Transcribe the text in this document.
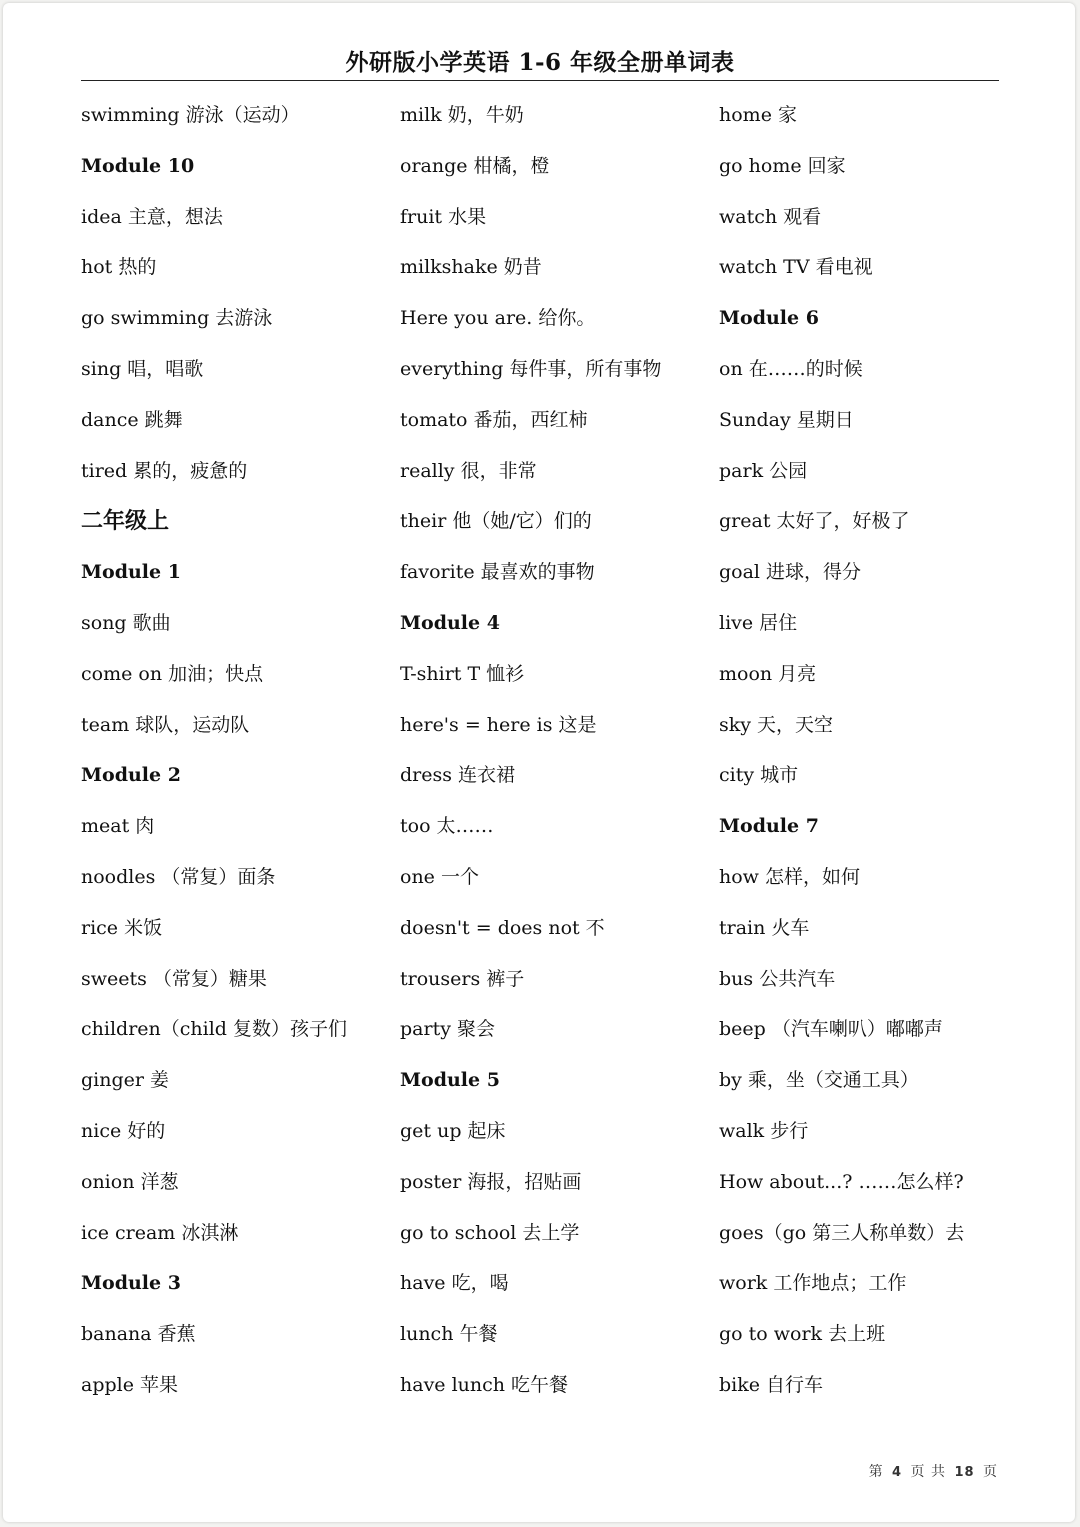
外研版小学英语 1-6 年级全册单词表
swimming 游泳（运动）
Module 10
idea 主意，想法
hot 热的
go swimming 去游泳
sing 唱，唱歌
dance 跳舞
tired 累的，疲惫的
二年级上
Module 1
song 歌曲
come on 加油；快点
team 球队，运动队
Module 2
meat 肉
noodles （常复）面条
rice 米饭
sweets （常复）糖果
children（child 复数）孩子们
ginger 姜
nice 好的
onion 洋葱
ice cream 冰淇淋
Module 3
banana 香蕉
apple 苹果
milk 奶，牛奶
orange 柑橘，橙
fruit 水果
milkshake 奶昔
Here you are. 给你。
everything 每件事，所有事物
tomato 番茄，西红柿
really 很，非常
their 他（她/它）们的
favorite 最喜欢的事物
Module 4
T-shirt T 恤衫
here's = here is 这是
dress 连衣裙
too 太……
one 一个
doesn't = does not 不
trousers 裤子
party 聚会
Module 5
get up 起床
poster 海报，招贴画
go to school 去上学
have 吃，喝
lunch 午餐
have lunch 吃午餐
home 家
go home 回家
watch 观看
watch TV 看电视
Module 6
on 在……的时候
Sunday 星期日
park 公园
great 太好了，好极了
goal 进球，得分
live 居住
moon 月亮
sky 天，天空
city 城市
Module 7
how 怎样，如何
train 火车
bus 公共汽车
beep （汽车喇叭）嘟嘟声
by 乘，坐（交通工具）
walk 步行
How about...? ……怎么样?
goes（go 第三人称单数）去
work 工作地点；工作
go to work 去上班
bike 自行车
第 4 页 共 18 页
